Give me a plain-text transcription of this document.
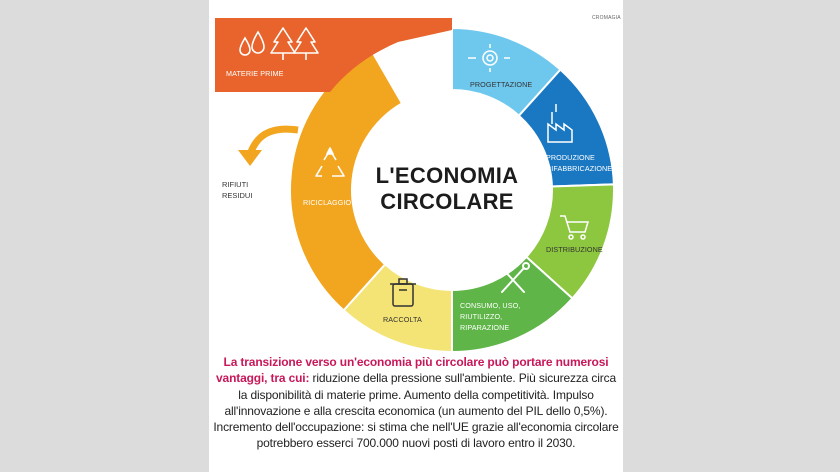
CROMAGIA
MATERIE PRIME
RIFIUTI
RESIDUI
L'ECONOMIA
CIRCOLARE
PROGETTAZIONE
PRODUZIONE
RIFABBRICAZIONE
DISTRIBUZIONE
CONSUMO, USO,
RIUTILIZZO,
RIPARAZIONE
RACCOLTA
RICICLAGGIO
La transizione verso un'economia più circolare può portare numerosi vantaggi, tra cui: riduzione della pressione sull'ambiente. Più sicurezza circa la disponibilità di materie prime. Aumento della competitività. Impulso all'innovazione e alla crescita economica (un aumento del PIL dello 0,5%). Incremento dell'occupazione: si stima che nell'UE grazie all'economia circolare potrebbero esserci 700.000 nuovi posti di lavoro entro il 2030.
